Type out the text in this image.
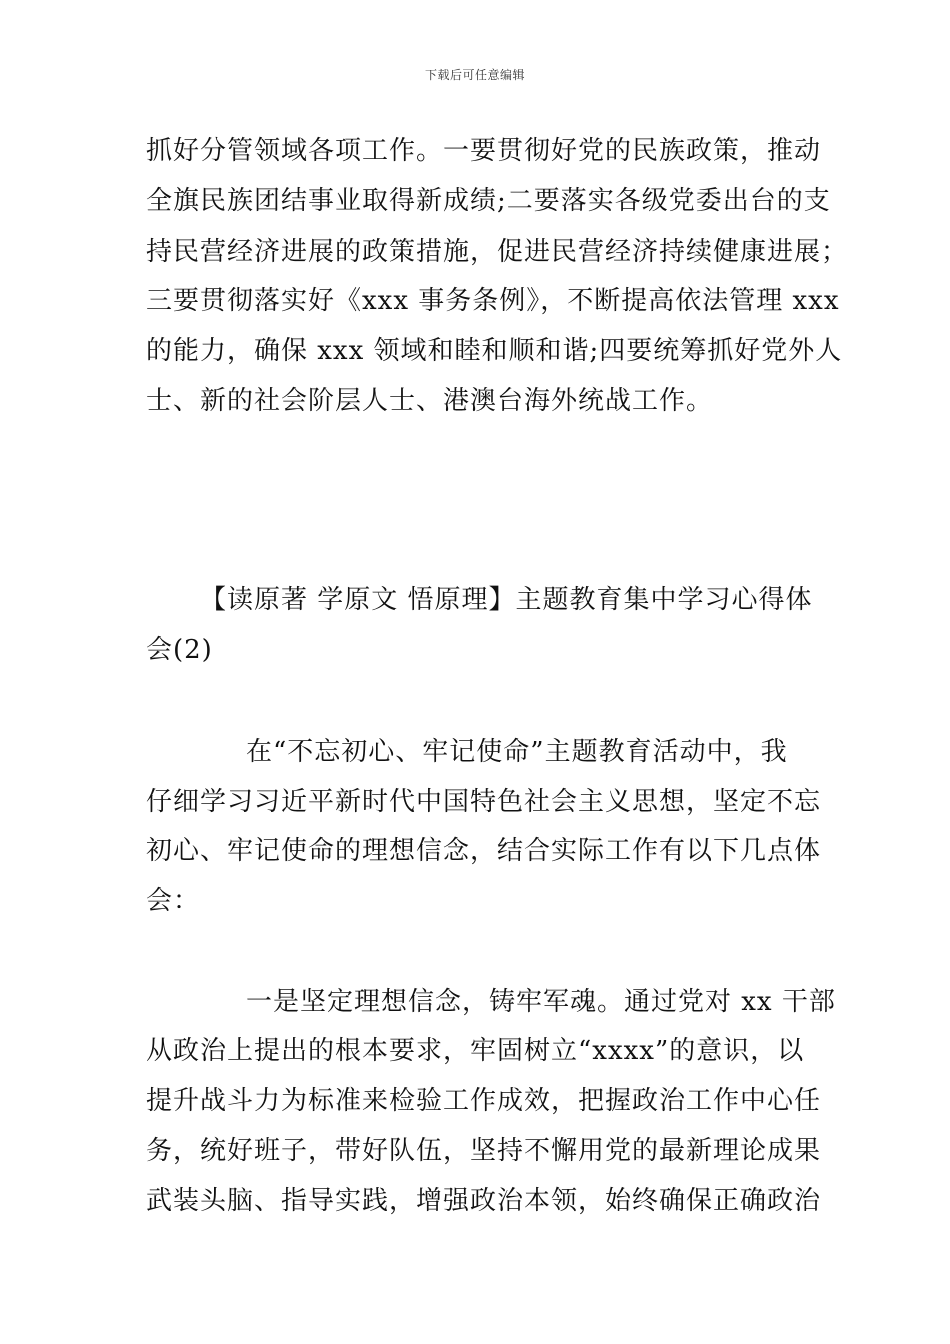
下载后可任意编辑
抓好分管领域各项工作。一要贯彻好党的民族政策，推动
全旗民族团结事业取得新成绩;二要落实各级党委出台的支
持民营经济进展的政策措施，促进民营经济持续健康进展；
三要贯彻落实好《xxx 事务条例》，不断提高依法管理 xxx
的能力，确保 xxx 领域和睦和顺和谐;四要统筹抓好党外人
士、新的社会阶层人士、港澳台海外统战工作。
【读原著 学原文 悟原理】主题教育集中学习心得体
会(2)
在“不忘初心、牢记使命”主题教育活动中，我
仔细学习习近平新时代中国特色社会主义思想，坚定不忘
初心、牢记使命的理想信念，结合实际工作有以下几点体
会：
一是坚定理想信念，铸牢军魂。通过党对 xx 干部
从政治上提出的根本要求，牢固树立“xxxx”的意识，以
提升战斗力为标准来检验工作成效，把握政治工作中心任
务，统好班子，带好队伍，坚持不懈用党的最新理论成果
武装头脑、指导实践，增强政治本领，始终确保正确政治
